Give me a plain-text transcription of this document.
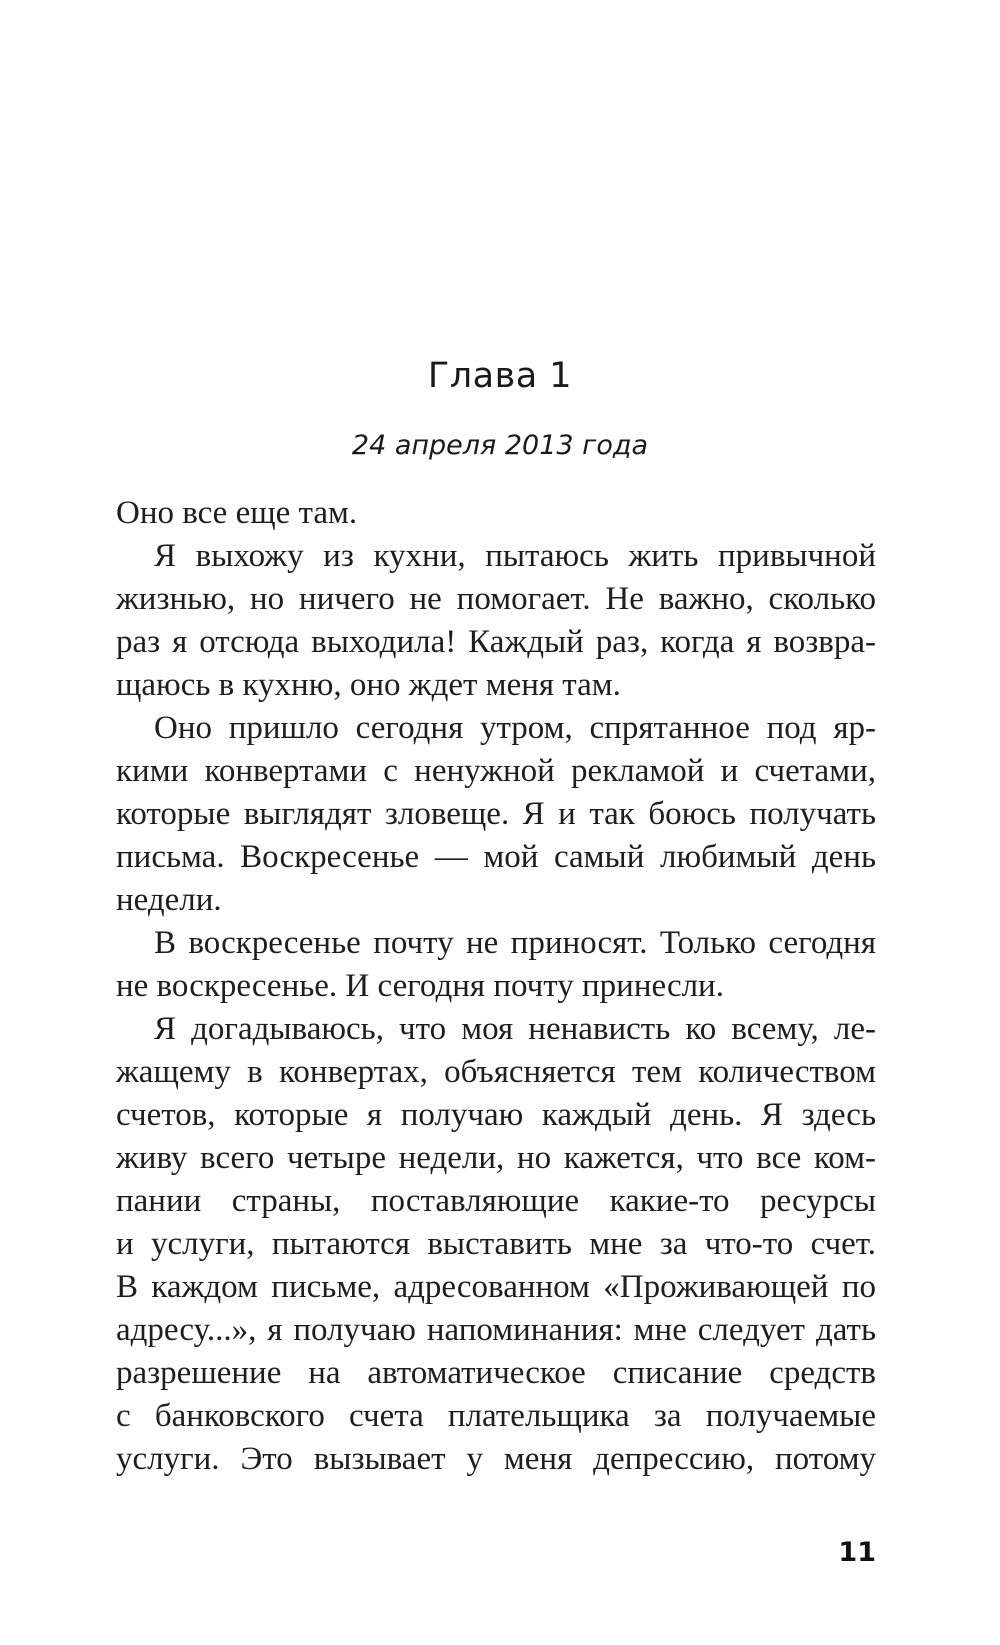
Глава 1
24 апреля 2013 года
Оно все еще там.
Я выхожу из кухни, пытаюсь жить привычной
жизнью, но ничего не помогает. Не важно, сколько
раз я отсюда выходила! Каждый раз, когда я возвра-
щаюсь в кухню, оно ждет меня там.
Оно пришло сегодня утром, спрятанное под яр-
кими конвертами с ненужной рекламой и счетами,
которые выглядят зловеще. Я и так боюсь получать
письма. Воскресенье — мой самый любимый день
недели.
В воскресенье почту не приносят. Только сегодня
не воскресенье. И сегодня почту принесли.
Я догадываюсь, что моя ненависть ко всему, ле-
жащему в конвертах, объясняется тем количеством
счетов, которые я получаю каждый день. Я здесь
живу всего четыре недели, но кажется, что все ком-
пании страны, поставляющие какие-то ресурсы
и услуги, пытаются выставить мне за что-то счет.
В каждом письме, адресованном «Проживающей по
адресу...», я получаю напоминания: мне следует дать
разрешение на автоматическое списание средств
с банковского счета плательщика за получаемые
услуги. Это вызывает у меня депрессию, потому
11
